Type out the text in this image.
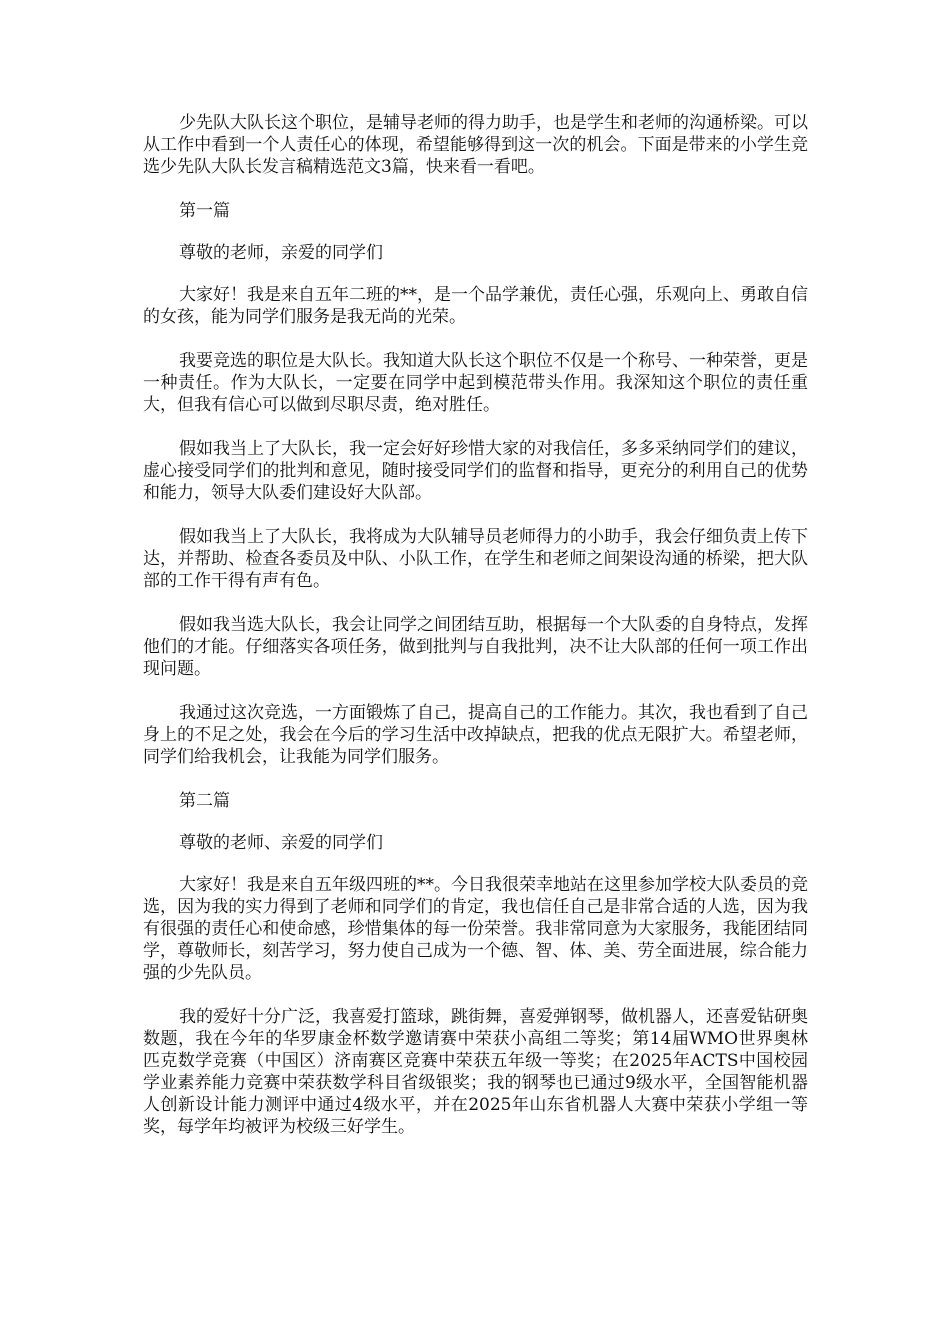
少先队大队长这个职位，是辅导老师的得力助手，也是学生和老师的沟通桥梁。可以从工作中看到一个人责任心的体现，希望能够得到这一次的机会。下面是带来的小学生竞选少先队大队长发言稿精选范文3篇，快来看一看吧。

第一篇

尊敬的老师，亲爱的同学们

大家好！我是来自五年二班的**，是一个品学兼优，责任心强，乐观向上、勇敢自信的女孩，能为同学们服务是我无尚的光荣。

我要竞选的职位是大队长。我知道大队长这个职位不仅是一个称号、一种荣誉，更是一种责任。作为大队长，一定要在同学中起到模范带头作用。我深知这个职位的责任重大，但我有信心可以做到尽职尽责，绝对胜任。

假如我当上了大队长，我一定会好好珍惜大家的对我信任，多多采纳同学们的建议，虚心接受同学们的批判和意见，随时接受同学们的监督和指导，更充分的利用自己的优势和能力，领导大队委们建设好大队部。

假如我当上了大队长，我将成为大队辅导员老师得力的小助手，我会仔细负责上传下达，并帮助、检查各委员及中队、小队工作，在学生和老师之间架设沟通的桥梁，把大队部的工作干得有声有色。

假如我当选大队长，我会让同学之间团结互助，根据每一个大队委的自身特点，发挥他们的才能。仔细落实各项任务，做到批判与自我批判，决不让大队部的任何一项工作出现问题。

我通过这次竞选，一方面锻炼了自己，提高自己的工作能力。其次，我也看到了自己身上的不足之处，我会在今后的学习生活中改掉缺点，把我的优点无限扩大。希望老师，同学们给我机会，让我能为同学们服务。

第二篇

尊敬的老师、亲爱的同学们

大家好！我是来自五年级四班的**。今日我很荣幸地站在这里参加学校大队委员的竞选，因为我的实力得到了老师和同学们的肯定，我也信任自己是非常合适的人选，因为我有很强的责任心和使命感，珍惜集体的每一份荣誉。我非常同意为大家服务，我能团结同学，尊敬师长，刻苦学习，努力使自己成为一个德、智、体、美、劳全面进展，综合能力强的少先队员。

我的爱好十分广泛，我喜爱打篮球，跳街舞，喜爱弹钢琴，做机器人，还喜爱钻研奥数题，我在今年的华罗康金杯数学邀请赛中荣获小高组二等奖；第14届WMO世界奥林匹克数学竞赛（中国区）济南赛区竞赛中荣获五年级一等奖；在2025年ACTS中国校园学业素养能力竞赛中荣获数学科目省级银奖；我的钢琴也已通过9级水平，全国智能机器人创新设计能力测评中通过4级水平，并在2025年山东省机器人大赛中荣获小学组一等奖，每学年均被评为校级三好学生。
